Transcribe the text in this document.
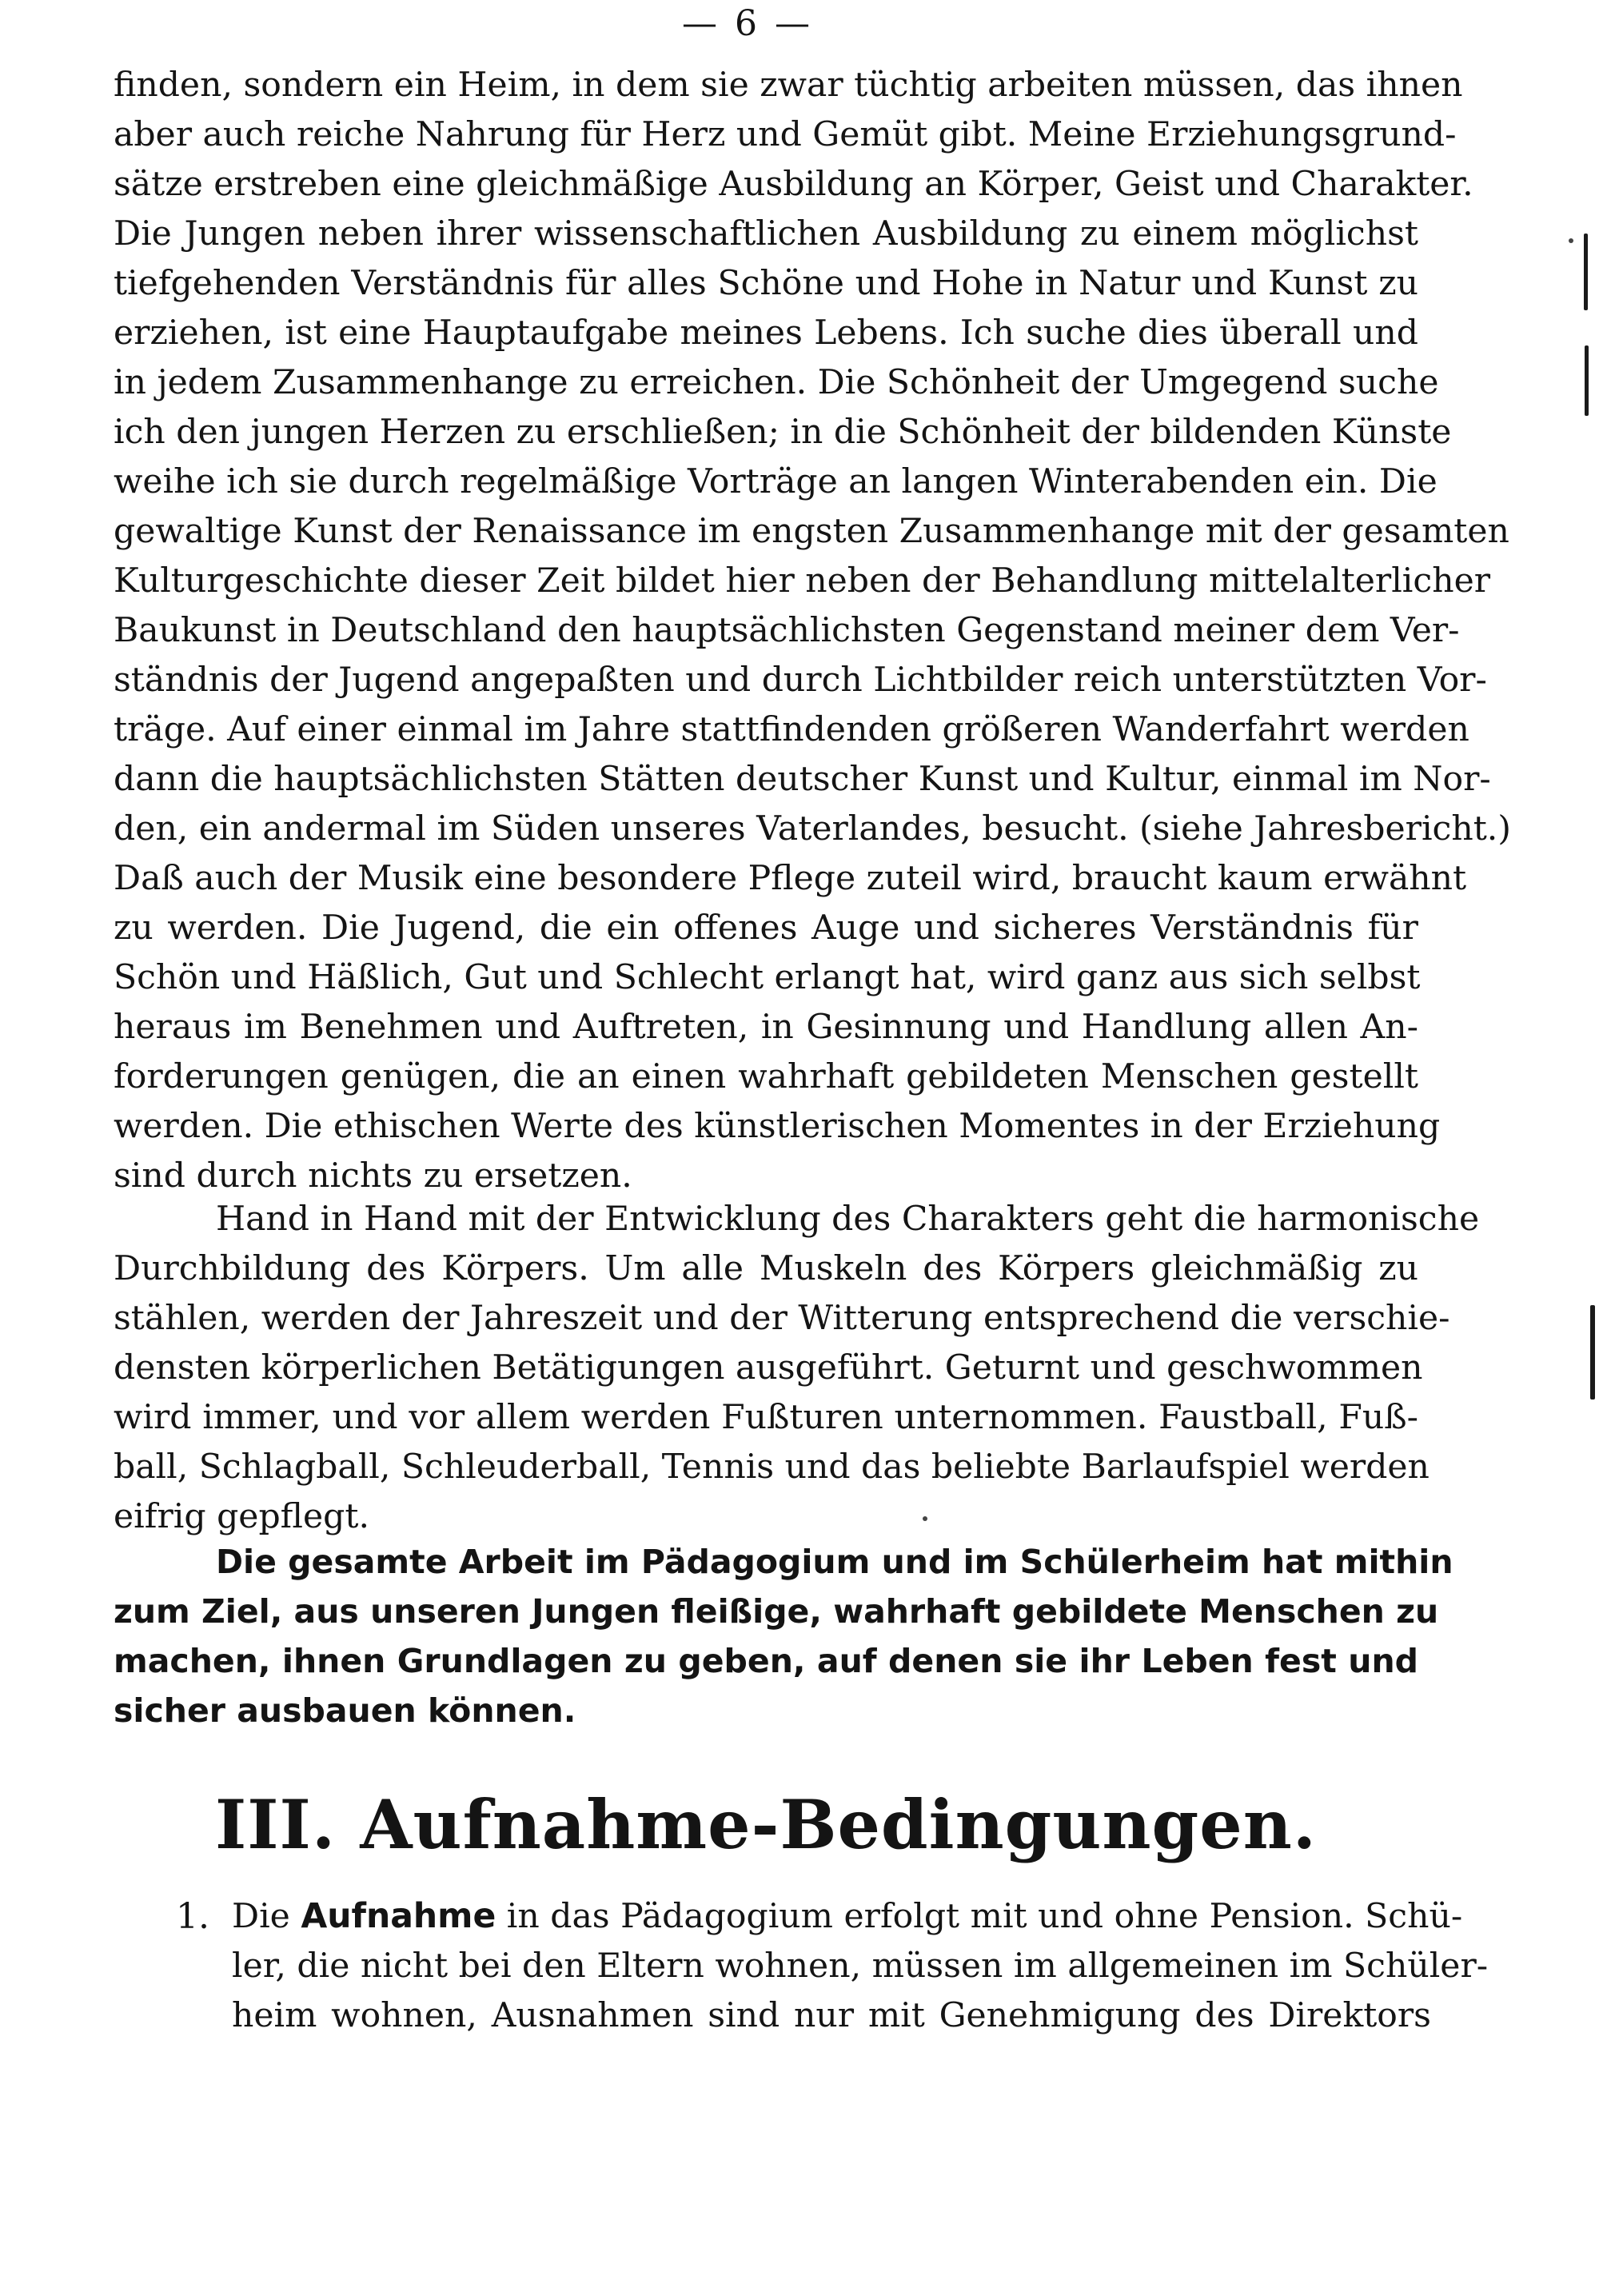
— 6 —
finden, sondern ein Heim, in dem sie zwar tüchtig arbeiten müssen, das ihnen
aber auch reiche Nahrung für Herz und Gemüt gibt. Meine Erziehungsgrund-
sätze erstreben eine gleichmäßige Ausbildung an Körper, Geist und Charakter.
Die Jungen neben ihrer wissenschaftlichen Ausbildung zu einem möglichst
tiefgehenden Verständnis für alles Schöne und Hohe in Natur und Kunst zu
erziehen, ist eine Hauptaufgabe meines Lebens. Ich suche dies überall und
in jedem Zusammenhange zu erreichen. Die Schönheit der Umgegend suche
ich den jungen Herzen zu erschließen; in die Schönheit der bildenden Künste
weihe ich sie durch regelmäßige Vorträge an langen Winterabenden ein. Die
gewaltige Kunst der Renaissance im engsten Zusammenhange mit der gesamten
Kulturgeschichte dieser Zeit bildet hier neben der Behandlung mittelalterlicher
Baukunst in Deutschland den hauptsächlichsten Gegenstand meiner dem Ver-
ständnis der Jugend angepaßten und durch Lichtbilder reich unterstützten Vor-
träge. Auf einer einmal im Jahre stattfindenden größeren Wanderfahrt werden
dann die hauptsächlichsten Stätten deutscher Kunst und Kultur, einmal im Nor-
den, ein andermal im Süden unseres Vaterlandes, besucht. (siehe Jahresbericht.)
Daß auch der Musik eine besondere Pflege zuteil wird, braucht kaum erwähnt
zu werden. Die Jugend, die ein offenes Auge und sicheres Verständnis für
Schön und Häßlich, Gut und Schlecht erlangt hat, wird ganz aus sich selbst
heraus im Benehmen und Auftreten, in Gesinnung und Handlung allen An-
forderungen genügen, die an einen wahrhaft gebildeten Menschen gestellt
werden. Die ethischen Werte des künstlerischen Momentes in der Erziehung
sind durch nichts zu ersetzen.
Hand in Hand mit der Entwicklung des Charakters geht die harmonische
Durchbildung des Körpers. Um alle Muskeln des Körpers gleichmäßig zu
stählen, werden der Jahreszeit und der Witterung entsprechend die verschie-
densten körperlichen Betätigungen ausgeführt. Geturnt und geschwommen
wird immer, und vor allem werden Fußturen unternommen. Faustball, Fuß-
ball, Schlagball, Schleuderball, Tennis und das beliebte Barlaufspiel werden
eifrig gepflegt.
Die gesamte Arbeit im Pädagogium und im Schülerheim hat mithin
zum Ziel, aus unseren Jungen fleißige, wahrhaft gebildete Menschen zu
machen, ihnen Grundlagen zu geben, auf denen sie ihr Leben fest und
sicher ausbauen können.
III. Aufnahme-Bedingungen.
1. Die Aufnahme in das Pädagogium erfolgt mit und ohne Pension. Schü-
ler, die nicht bei den Eltern wohnen, müssen im allgemeinen im Schüler-
heim wohnen, Ausnahmen sind nur mit Genehmigung des Direktors
